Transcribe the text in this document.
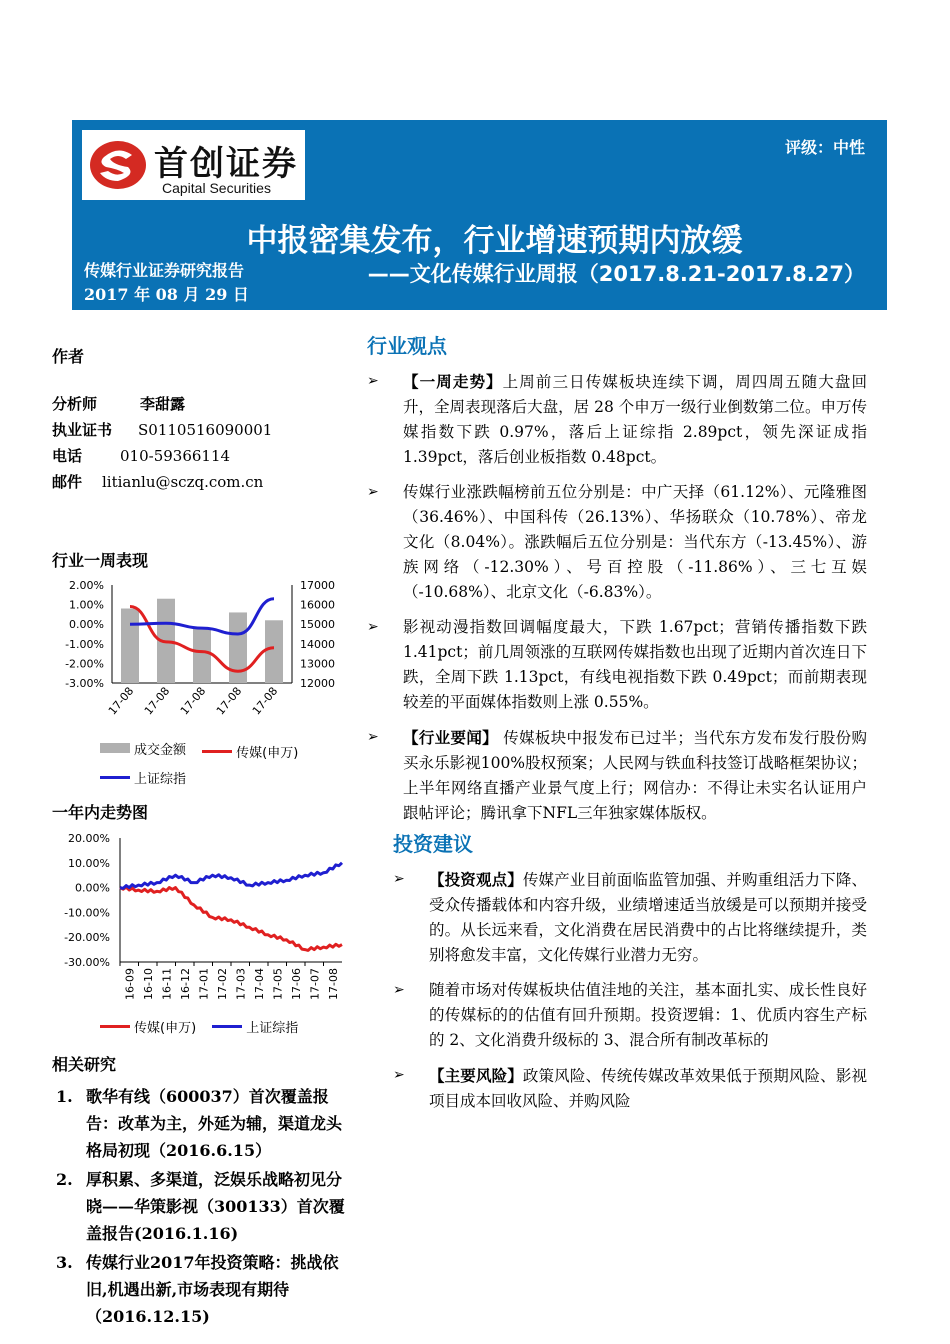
首创证券
Capital Securities
评级：中性
中报密集发布，行业增速预期内放缓
传媒行业证券研究报告
2017 年 08 月 29 日
——文化传媒行业周报（2017.8.21-2017.8.27）
作者
分析师	李甜露
执业证书 S0110516090001
电话	010-59366114
邮件 litianlu@sczq.com.cn
行业一周表现
2.00%
1.00%
0.00%
-1.00%
-2.00%
-3.00%
17000
16000
15000
14000
13000
12000
17-08 17-08 17-08 17-08 17-08
成交金额
	传媒(申万)

上证综指
一年内走势图
20.00%
10.00%
0.00%
-10.00%
-20.00%
-30.00%
16-09 16-10 16-11 16-12 17-01 17-02 17-03 17-04 17-05 17-06 17-07 17-08
传媒(申万)
	上证综指
相关研究
1. 歌华有线（600037）首次覆盖报告：改革为主，外延为辅，渠道龙头格局初现（2016.6.15）
2. 厚积累、多渠道，泛娱乐战略初见分晓——华策影视（300133）首次覆盖报告(2016.1.16)
3. 传媒行业2017年投资策略：挑战依旧,机遇出新,市场表现有期待（2016.12.15)
行业观点
➢	【一周走势】上周前三日传媒板块连续下调，周四周五随大盘回升，全周表现落后大盘，居 28 个申万一级行业倒数第二位。申万传媒指数下跌 0.97%，落后上证综指 2.89pct，领先深证成指 1.39pct，落后创业板指数 0.48pct。
➢	传媒行业涨跌幅榜前五位分别是：中广天择（61.12%）、元隆雅图（36.46%）、中国科传（26.13%）、华扬联众（10.78%）、帝龙文化（8.04%）。涨跌幅后五位分别是：当代东方（-13.45%）、游族网络（-12.30%）、号百控股（-11.86%）、三七互娱（-10.68%）、北京文化（-6.83%）。
➢	影视动漫指数回调幅度最大，下跌 1.67pct；营销传播指数下跌 1.41pct；前几周领涨的互联网传媒指数也出现了近期内首次连日下跌，全周下跌 1.13pct，有线电视指数下跌 0.49pct；而前期表现较差的平面媒体指数则上涨 0.55%。
➢	【行业要闻】 传媒板块中报发布已过半；当代东方发布发行股份购买永乐影视100%股权预案；人民网与铁血科技签订战略框架协议；上半年网络直播产业景气度上行；网信办：不得让未实名认证用户跟帖评论；腾讯拿下NFL三年独家媒体版权。
投资建议
➢	【投资观点】传媒产业目前面临监管加强、并购重组活力下降、受众传播载体和内容升级，业绩增速适当放缓是可以预期并接受的。从长远来看，文化消费在居民消费中的占比将继续提升，类别将愈发丰富，文化传媒行业潜力无穷。
➢	随着市场对传媒板块估值洼地的关注，基本面扎实、成长性良好的传媒标的的估值有回升预期。投资逻辑：1、优质内容生产标的 2、文化消费升级标的 3、混合所有制改革标的
➢	【主要风险】政策风险、传统传媒改革效果低于预期风险、影视项目成本回收风险、并购风险
